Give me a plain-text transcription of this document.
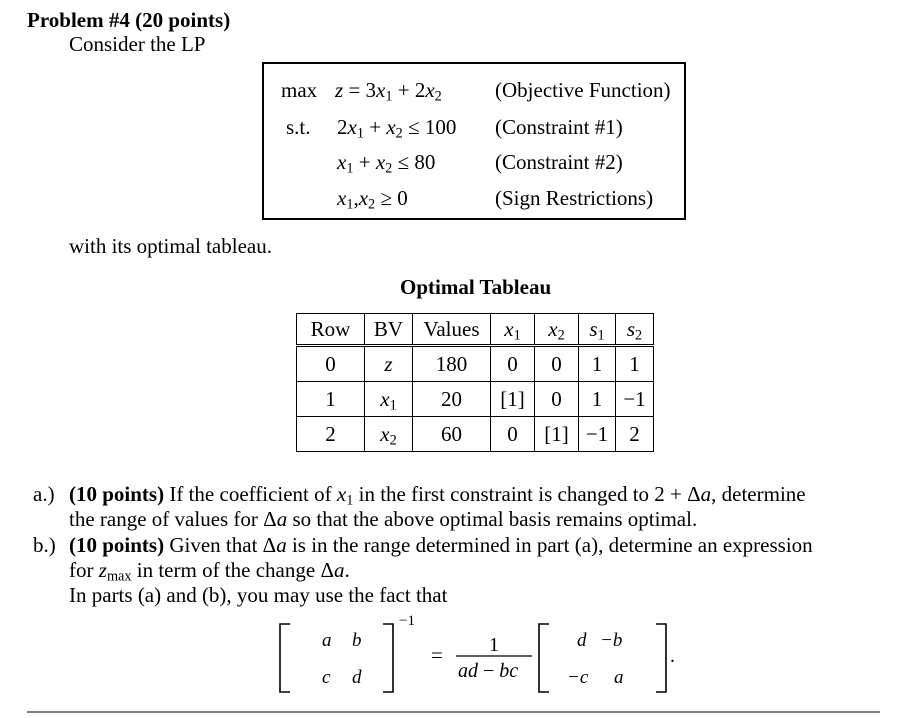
Problem #4 (20 points)
Consider the LP
$\max z = 3x_1 + 2x_2$	(Objective Function)
s.t. $2x_1 + x_2 \le 100$ (Constraint #1)
$x_1 + x_2 \le 80$	(Constraint #2)
$x_1,x_2 \ge 0$	(Sign Restrictions)
with its optimal tableau.
Optimal Tableau
Row	BV	Values	$x_1$	$x_2$	$s_1$	$s_2$
0	z	180	0	0	1	1
1	$x_1$	20	[1]	0	1	−1
2	$x_2$	60	0	[1]	−1	2
a.) (10 points) If the coefficient of $x_1$ in the first constraint is changed to 2 + Δa, determine
the range of values for Δa so that the above optimal basis remains optimal.
b.) (10 points) Given that Δa is in the range determined in part (a), determine an expression
for $z_{max}$ in term of the change Δa.
In parts (a) and (b), you may use the fact that
a b
c d
−1
= 1
ad − bc
d −b
−c a
.
